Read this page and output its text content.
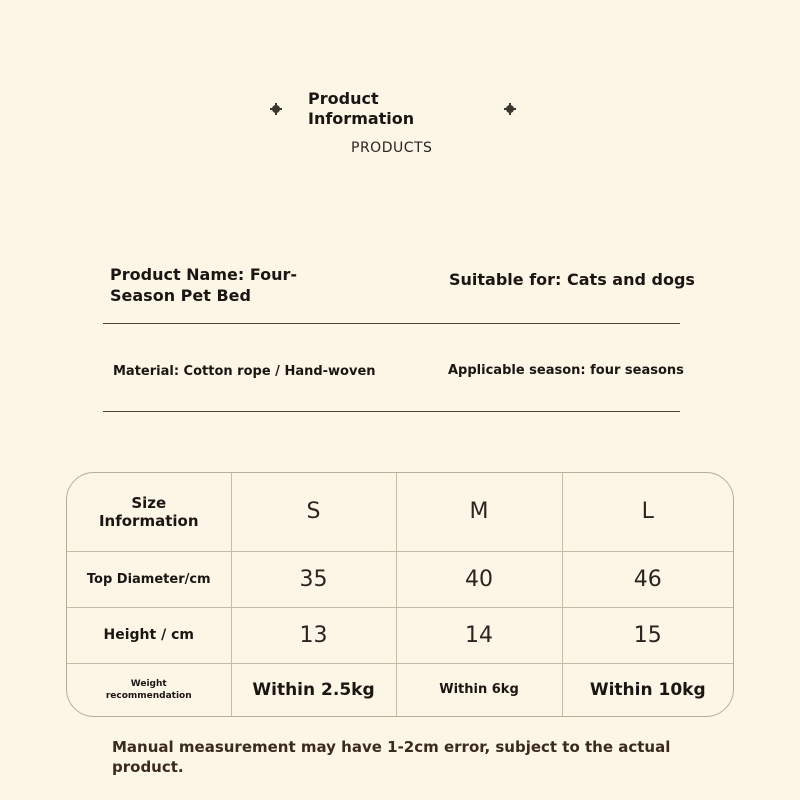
Product
Information
PRODUCTS
Product Name: Four-
Season Pet Bed
Suitable for: Cats and dogs
Material: Cotton rope / Hand-woven	Applicable season: four seasons
Size
Information	S	M	L
Top Diameter/cm	35	40	46
Height / cm	13	14	15

Weight
recommendation	Within 2.5kg	Within 6kg	Within 10kg
Manual measurement may have 1-2cm error, subject to the actual product.
